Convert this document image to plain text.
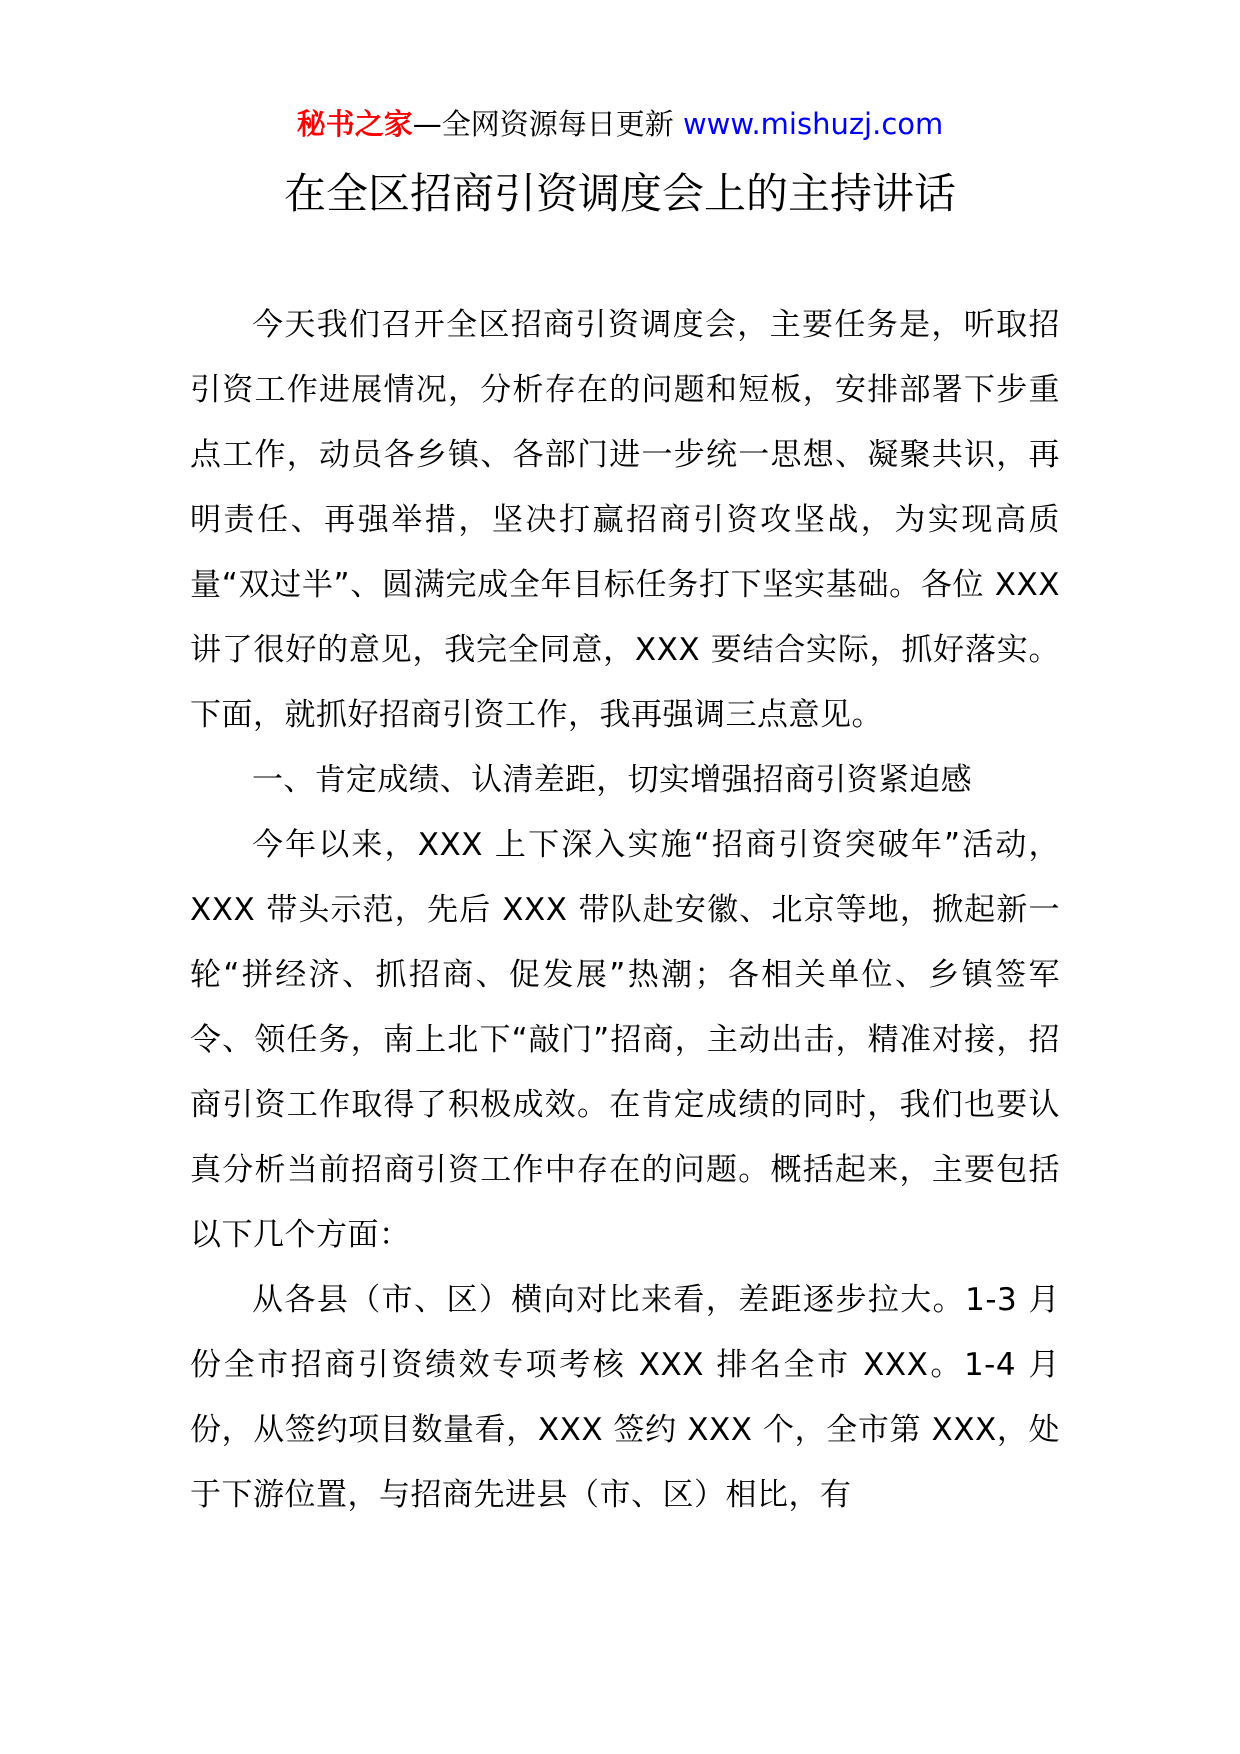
秘书之家—全网资源每日更新 www.mishuzj.com
在全区招商引资调度会上的主持讲话

今天我们召开全区招商引资调度会，主要任务是，听取招引资工作进展情况，分析存在的问题和短板，安排部署下步重点工作，动员各乡镇、各部门进一步统一思想、凝聚共识，再明责任、再强举措，坚决打赢招商引资攻坚战，为实现高质量“双过半”、圆满完成全年目标任务打下坚实基础。各位 XXX 讲了很好的意见，我完全同意，XXX 要结合实际，抓好落实。下面，就抓好招商引资工作，我再强调三点意见。

一、肯定成绩、认清差距，切实增强招商引资紧迫感

今年以来，XXX 上下深入实施“招商引资突破年”活动，XXX 带头示范，先后 XXX 带队赴安徽、北京等地，掀起新一轮“拼经济、抓招商、促发展”热潮；各相关单位、乡镇签军令、领任务，南上北下“敲门”招商，主动出击，精准对接，招商引资工作取得了积极成效。在肯定成绩的同时，我们也要认真分析当前招商引资工作中存在的问题。概括起来，主要包括以下几个方面：

从各县（市、区）横向对比来看，差距逐步拉大。1-3 月份全市招商引资绩效专项考核 XXX 排名全市 XXX。1-4 月份，从签约项目数量看，XXX 签约 XXX 个，全市第 XXX，处于下游位置，与招商先进县（市、区）相比，有
